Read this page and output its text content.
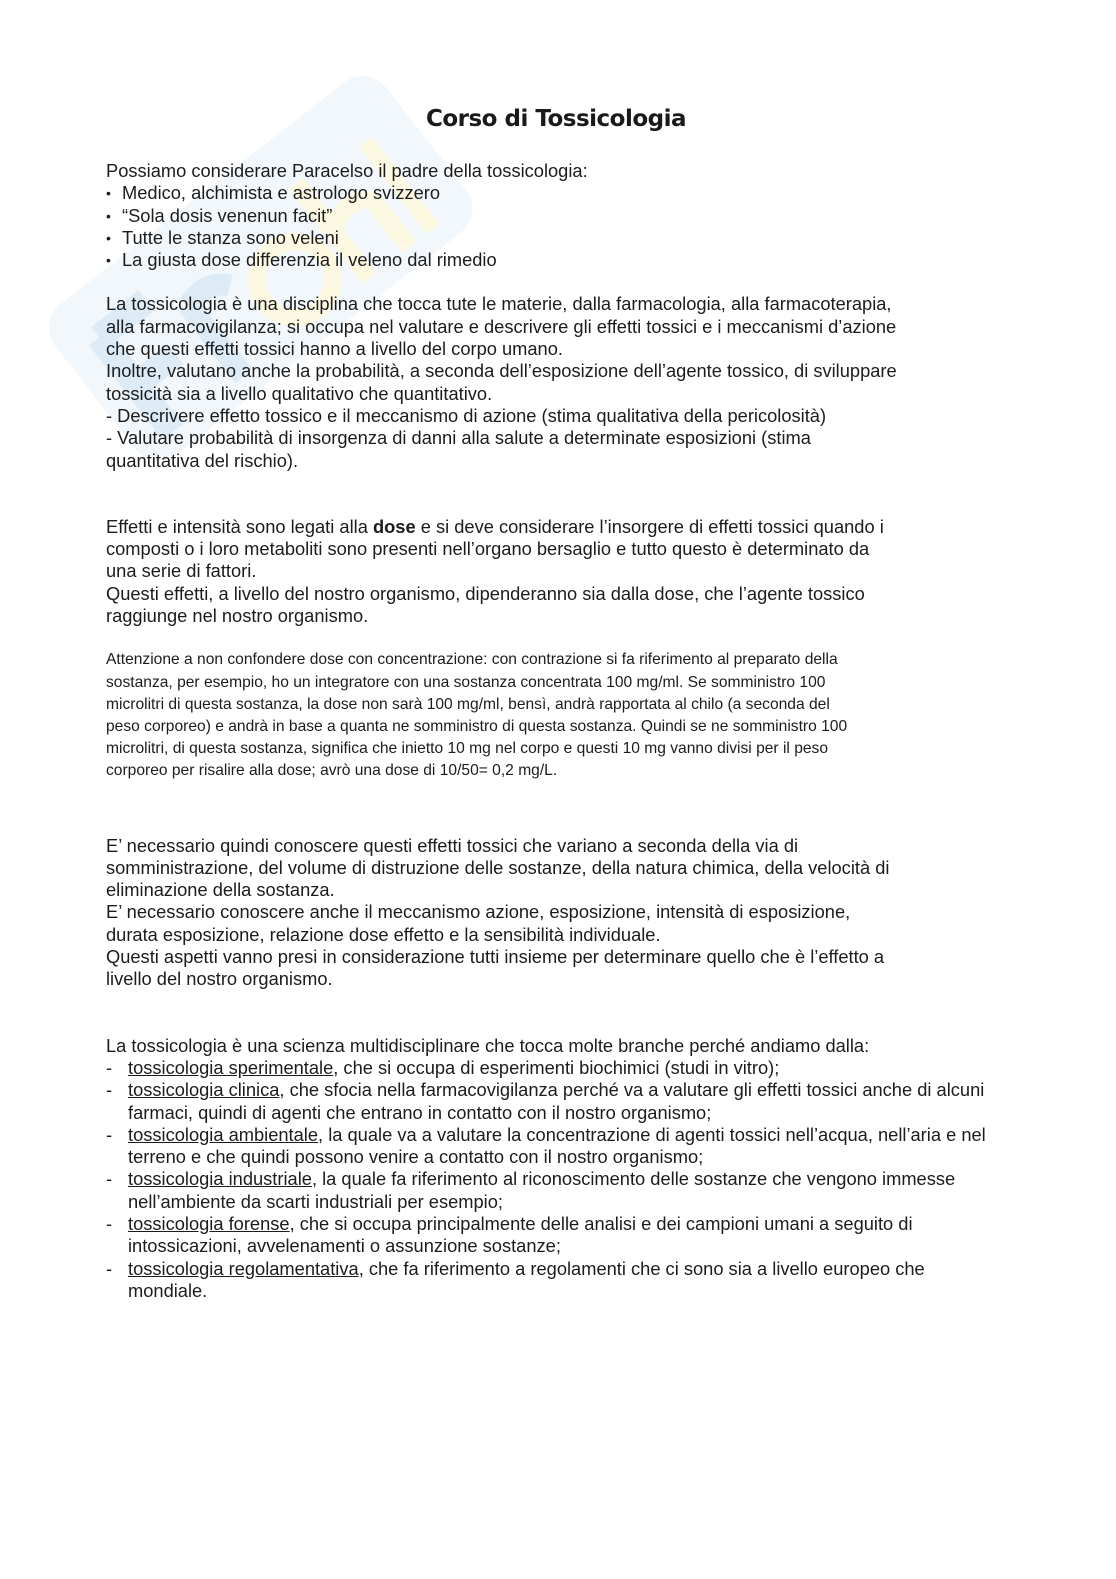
Corso di Tossicologia

Possiamo considerare Paracelso il padre della tossicologia:

• Medico, alchimista e astrologo svizzero
• “Sola dosis venenun facit”
• Tutte le stanza sono veleni
• La giusta dose differenzia il veleno dal rimedio

La tossicologia è una disciplina che tocca tute le materie, dalla farmacologia, alla farmacoterapia,

alla farmacovigilanza; si occupa nel valutare e descrivere gli effetti tossici e i meccanismi d’azione

che questi effetti tossici hanno a livello del corpo umano.

Inoltre, valutano anche la probabilità, a seconda dell’esposizione dell’agente tossico, di sviluppare

tossicità sia a livello qualitativo che quantitativo.

- Descrivere effetto tossico e il meccanismo di azione (stima qualitativa della pericolosità)

- Valutare probabilità di insorgenza di danni alla salute a determinate esposizioni (stima

quantitativa del rischio).

Effetti e intensità sono legati alla dose e si deve considerare l’insorgere di effetti tossici quando i

composti o i loro metaboliti sono presenti nell’organo bersaglio e tutto questo è determinato da

una serie di fattori.

Questi effetti, a livello del nostro organismo, dipenderanno sia dalla dose, che l’agente tossico

raggiunge nel nostro organismo.

Attenzione a non confondere dose con concentrazione: con contrazione si fa riferimento al preparato della

sostanza, per esempio, ho un integratore con una sostanza concentrata 100 mg/ml. Se somministro 100

microlitri di questa sostanza, la dose non sarà 100 mg/ml, bensì, andrà rapportata al chilo (a seconda del

peso corporeo) e andrà in base a quanta ne somministro di questa sostanza. Quindi se ne somministro 100

microlitri, di questa sostanza, significa che inietto 10 mg nel corpo e questi 10 mg vanno divisi per il peso

corporeo per risalire alla dose; avrò una dose di 10/50= 0,2 mg/L.

E’ necessario quindi conoscere questi effetti tossici che variano a seconda della via di

somministrazione, del volume di distruzione delle sostanze, della natura chimica, della velocità di

eliminazione della sostanza.

E’ necessario conoscere anche il meccanismo azione, esposizione, intensità di esposizione,

durata esposizione, relazione dose effetto e la sensibilità individuale.

Questi aspetti vanno presi in considerazione tutti insieme per determinare quello che è l’effetto a

livello del nostro organismo.

La tossicologia è una scienza multidisciplinare che tocca molte branche perché andiamo dalla:

- tossicologia sperimentale, che si occupa di esperimenti biochimici (studi in vitro);
- tossicologia clinica, che sfocia nella farmacovigilanza perché va a valutare gli effetti tossici anche di alcuni farmaci, quindi di agenti che entrano in contatto con il nostro organismo;
- tossicologia ambientale, la quale va a valutare la concentrazione di agenti tossici nell’acqua, nell’aria e nel terreno e che quindi possono venire a contatto con il nostro organismo;
- tossicologia industriale, la quale fa riferimento al riconoscimento delle sostanze che vengono immesse nell’ambiente da scarti industriali per esempio;
- tossicologia forense, che si occupa principalmente delle analisi e dei campioni umani a seguito di intossicazioni, avvelenamenti o assunzione sostanze;
- tossicologia regolamentativa, che fa riferimento a regolamenti che ci sono sia a livello europeo che mondiale.
